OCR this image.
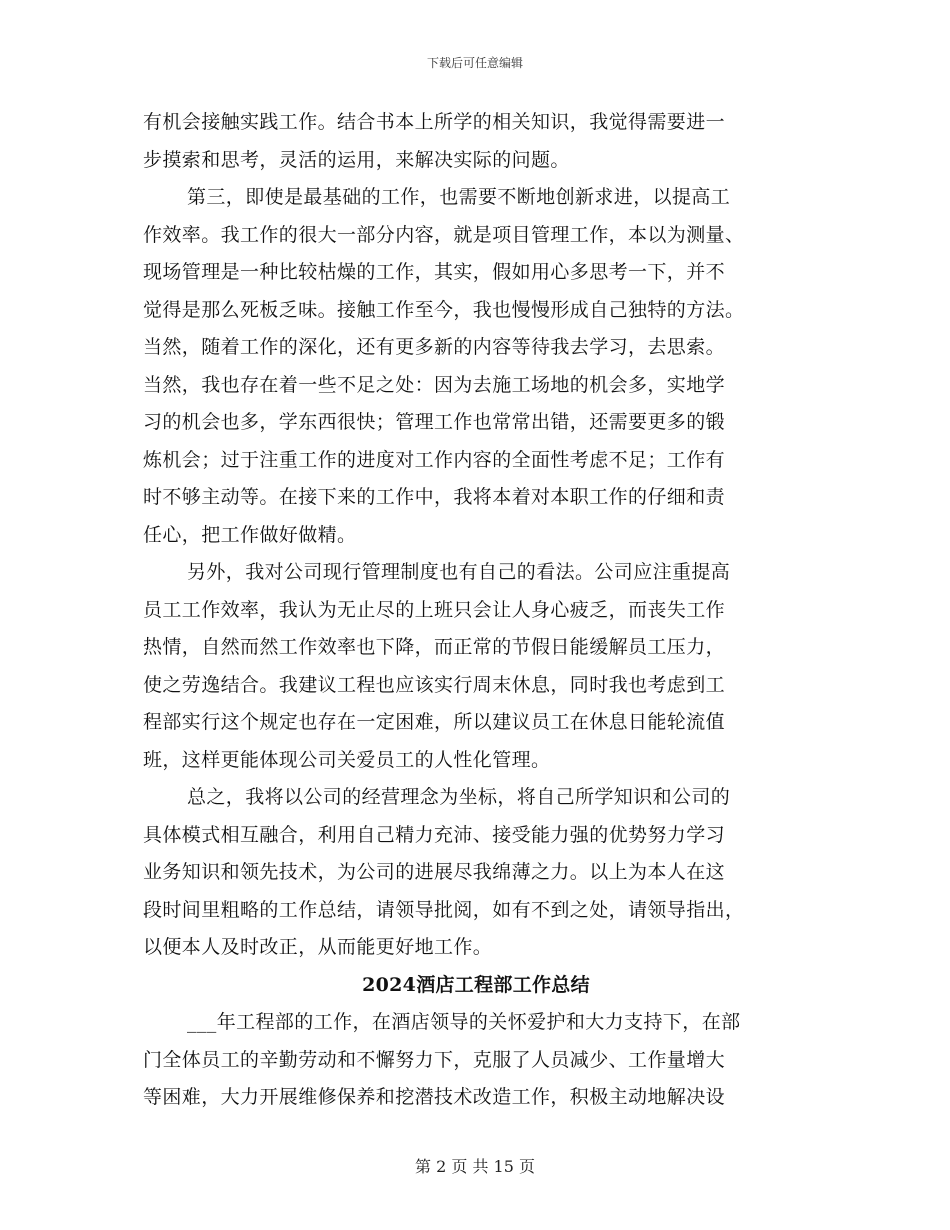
下载后可任意编辑
有机会接触实践工作。结合书本上所学的相关知识，我觉得需要进一
步摸索和思考，灵活的运用，来解决实际的问题。
第三，即使是最基础的工作，也需要不断地创新求进，以提高工
作效率。我工作的很大一部分内容，就是项目管理工作，本以为测量、
现场管理是一种比较枯燥的工作，其实，假如用心多思考一下，并不
觉得是那么死板乏味。接触工作至今，我也慢慢形成自己独特的方法。
当然，随着工作的深化，还有更多新的内容等待我去学习，去思索。
当然，我也存在着一些不足之处：因为去施工场地的机会多，实地学
习的机会也多，学东西很快；管理工作也常常出错，还需要更多的锻
炼机会；过于注重工作的进度对工作内容的全面性考虑不足；工作有
时不够主动等。在接下来的工作中，我将本着对本职工作的仔细和责
任心，把工作做好做精。
另外，我对公司现行管理制度也有自己的看法。公司应注重提高
员工工作效率，我认为无止尽的上班只会让人身心疲乏，而丧失工作
热情，自然而然工作效率也下降，而正常的节假日能缓解员工压力，
使之劳逸结合。我建议工程也应该实行周末休息，同时我也考虑到工
程部实行这个规定也存在一定困难，所以建议员工在休息日能轮流值
班，这样更能体现公司关爱员工的人性化管理。
总之，我将以公司的经营理念为坐标，将自己所学知识和公司的
具体模式相互融合，利用自己精力充沛、接受能力强的优势努力学习
业务知识和领先技术，为公司的进展尽我绵薄之力。以上为本人在这
段时间里粗略的工作总结，请领导批阅，如有不到之处，请领导指出，
以便本人及时改正，从而能更好地工作。
2024酒店工程部工作总结
___年工程部的工作，在酒店领导的关怀爱护和大力支持下，在部
门全体员工的辛勤劳动和不懈努力下，克服了人员减少、工作量增大
等困难，大力开展维修保养和挖潜技术改造工作，积极主动地解决设
第 2 页 共 15 页
